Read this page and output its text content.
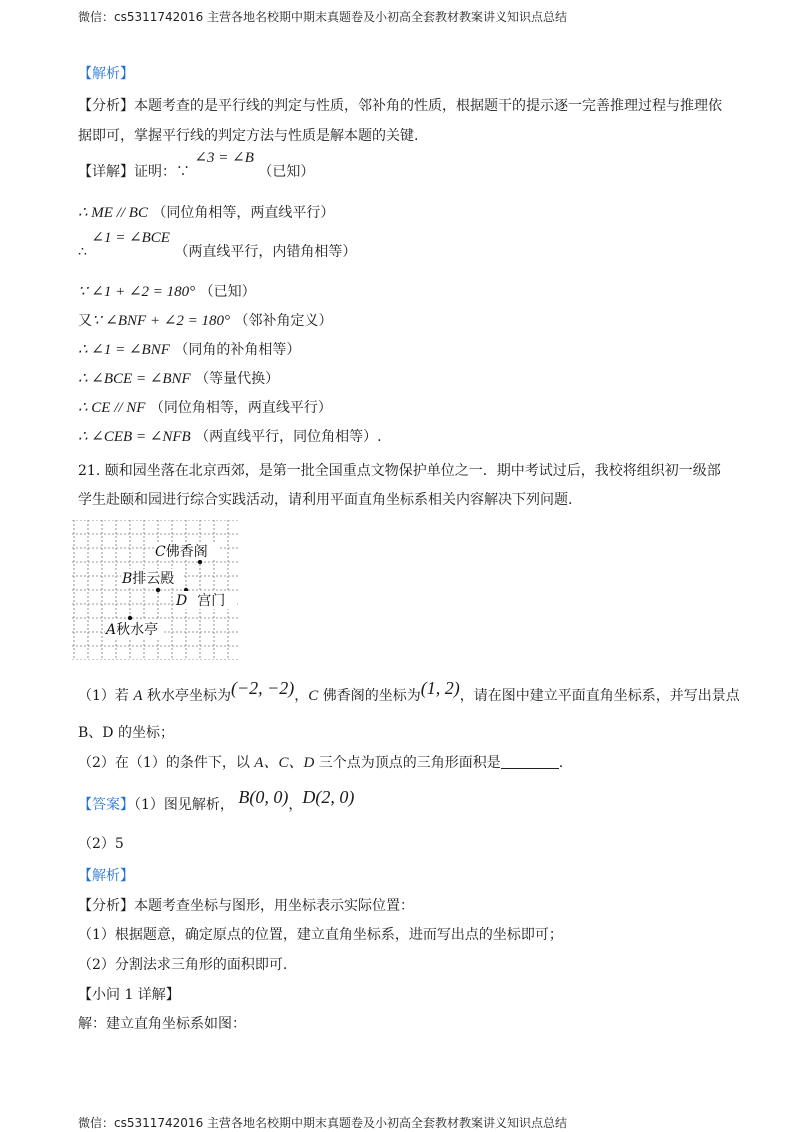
微信：cs5311742016 主营各地名校期中期末真题卷及小初高全套教材教案讲义知识点总结
【解析】
【分析】本题考查的是平行线的判定与性质，邻补角的性质，根据题干的提示逐一完善推理过程与推理依
据即可，掌握平行线的判定方法与性质是解本题的关键.
【详解】证明：∵ ∠3 = ∠B （已知）
∴ ME // BC （同位角相等，两直线平行）
∴ ∠1 = ∠BCE （两直线平行，内错角相等）
∵ ∠1 + ∠2 = 180° （已知）
又∵ ∠BNF + ∠2 = 180° （邻补角定义）
∴ ∠1 = ∠BNF （同角的补角相等）
∴ ∠BCE = ∠BNF （等量代换）
∴ CE // NF （同位角相等，两直线平行）
∴ ∠CEB = ∠NFB （两直线平行，同位角相等）.
21. 颐和园坐落在北京西郊，是第一批全国重点文物保护单位之一．期中考试过后，我校将组织初一级部
学生赴颐和园进行综合实践活动，请利用平面直角坐标系相关内容解决下列问题.
C佛香阁
B排云殿
D 宫门
A秋水亭
（1）若 A 秋水亭坐标为(−2, −2)，C 佛香阁的坐标为(1, 2)，请在图中建立平面直角坐标系，并写出景点
B、D 的坐标；
（2）在（1）的条件下，以 A、C、D 三个点为顶点的三角形面积是	.
【答案】（1）图见解析， B(0, 0)，D(2, 0)
（2）5
【解析】
【分析】本题考查坐标与图形，用坐标表示实际位置：
（1）根据题意，确定原点的位置，建立直角坐标系，进而写出点的坐标即可；
（2）分割法求三角形的面积即可.
【小问 1 详解】
解：建立直角坐标系如图：
微信：cs5311742016 主营各地名校期中期末真题卷及小初高全套教材教案讲义知识点总结
